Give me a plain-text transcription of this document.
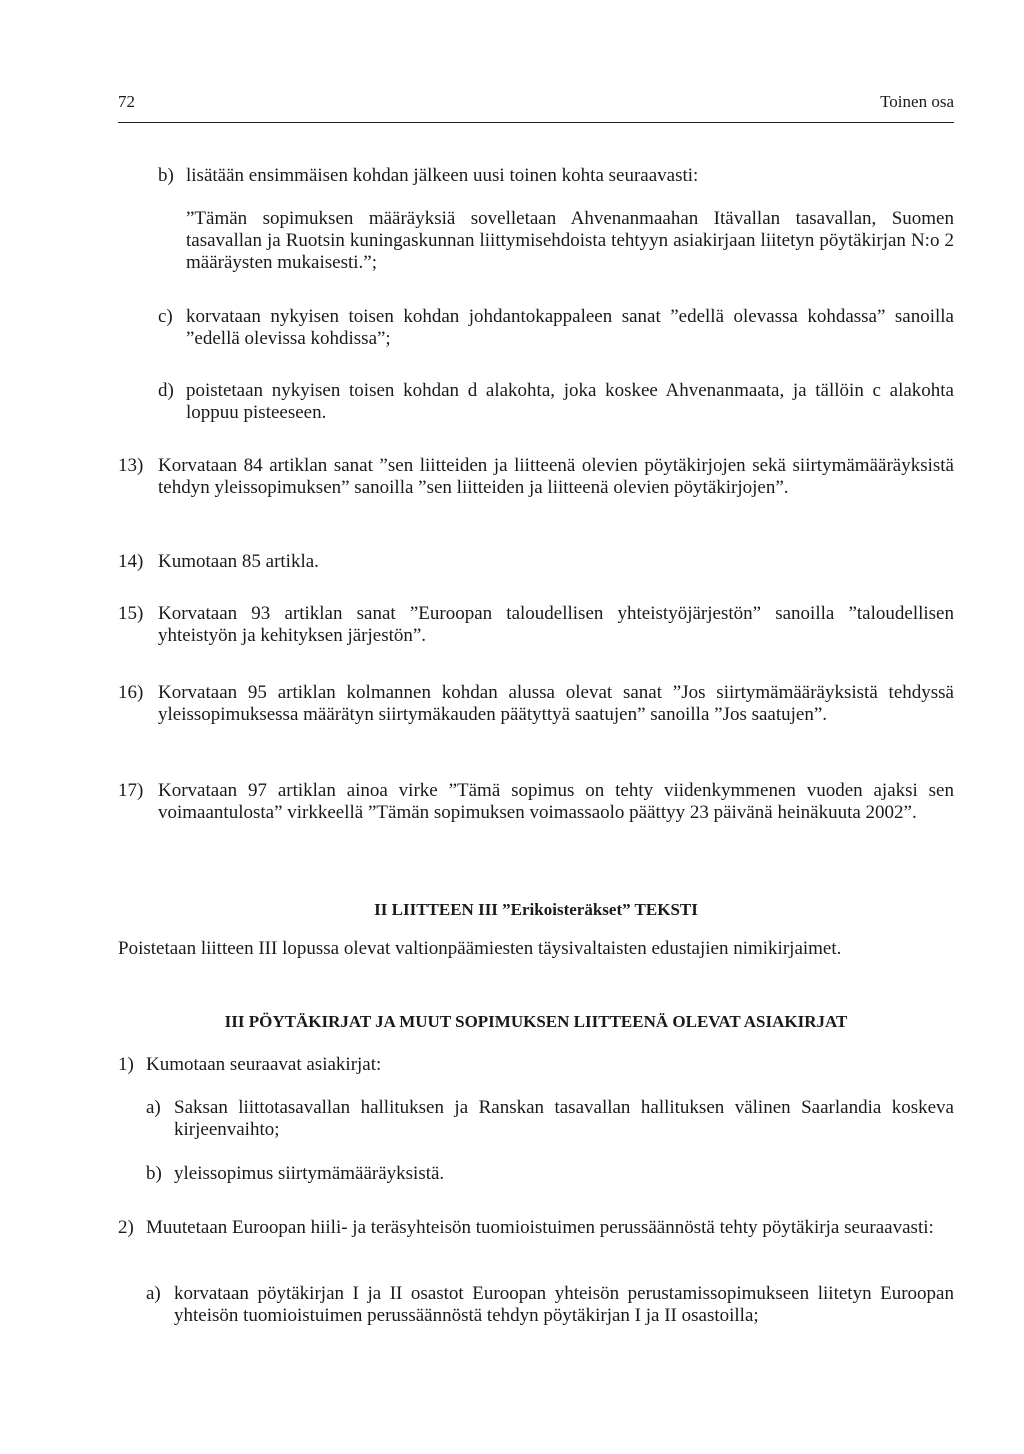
72	Toinen osa
b) lisätään ensimmäisen kohdan jälkeen uusi toinen kohta seuraavasti:
”Tämän sopimuksen määräyksiä sovelletaan Ahvenanmaahan Itävallan tasavallan, Suomen tasavallan ja Ruotsin kuningaskunnan liittymisehdoista tehtyyn asiakirjaan liitetyn pöytäkirjan N:o 2 määräysten mukaisesti.”;
c) korvataan nykyisen toisen kohdan johdantokappaleen sanat ”edellä olevassa kohdassa” sanoilla ”edellä olevissa kohdissa”;
d) poistetaan nykyisen toisen kohdan d alakohta, joka koskee Ahvenanmaata, ja tällöin c alakohta loppuu pisteeseen.
13) Korvataan 84 artiklan sanat ”sen liitteiden ja liitteenä olevien pöytäkirjojen sekä siirtymämääräyksistä tehdyn yleissopimuksen” sanoilla ”sen liitteiden ja liitteenä olevien pöytäkirjojen”.
14) Kumotaan 85 artikla.
15) Korvataan 93 artiklan sanat ”Euroopan taloudellisen yhteistyöjärjestön” sanoilla ”taloudellisen yhteistyön ja kehityksen järjestön”.
16) Korvataan 95 artiklan kolmannen kohdan alussa olevat sanat ”Jos siirtymämääräyksistä tehdyssä yleissopimuksessa määrätyn siirtymäkauden päätyttyä saatujen” sanoilla ”Jos saatujen”.
17) Korvataan 97 artiklan ainoa virke ”Tämä sopimus on tehty viidenkymmenen vuoden ajaksi sen voimaantulosta” virkkeellä ”Tämän sopimuksen voimassaolo päättyy 23 päivänä heinäkuuta 2002”.
II LIITTEEN III ”Erikoisteräkset” TEKSTI
Poistetaan liitteen III lopussa olevat valtionpäämiesten täysivaltaisten edustajien nimikirjaimet.
III PÖYTÄKIRJAT JA MUUT SOPIMUKSEN LIITTEENÄ OLEVAT ASIAKIRJAT
1) Kumotaan seuraavat asiakirjat:
a) Saksan liittotasavallan hallituksen ja Ranskan tasavallan hallituksen välinen Saarlandia koskeva kirjeenvaihto;
b) yleissopimus siirtymämääräyksistä.
2) Muutetaan Euroopan hiili- ja teräsyhteisön tuomioistuimen perussäännöstä tehty pöytäkirja seuraavasti:
a) korvataan pöytäkirjan I ja II osastot Euroopan yhteisön perustamissopimukseen liitetyn Euroopan yhteisön tuomioistuimen perussäännöstä tehdyn pöytäkirjan I ja II osastoilla;
